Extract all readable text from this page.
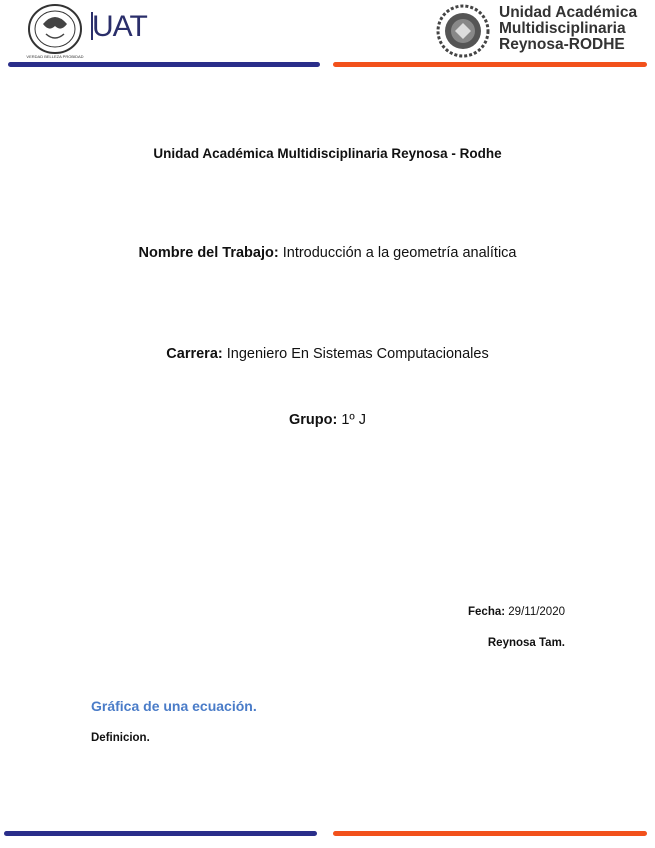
VERDAD BELLEZA PROBIDAD
UAT	Unidad Académica
Multidisciplinaria
Reynosa-RODHE
Unidad Académica Multidisciplinaria Reynosa - Rodhe
Nombre del Trabajo: Introducción a la geometría analítica
Carrera: Ingeniero En Sistemas Computacionales
Grupo: 1º J
Fecha: 29/11/2020
Reynosa Tam.
Gráfica de una ecuación.
Definicion.
